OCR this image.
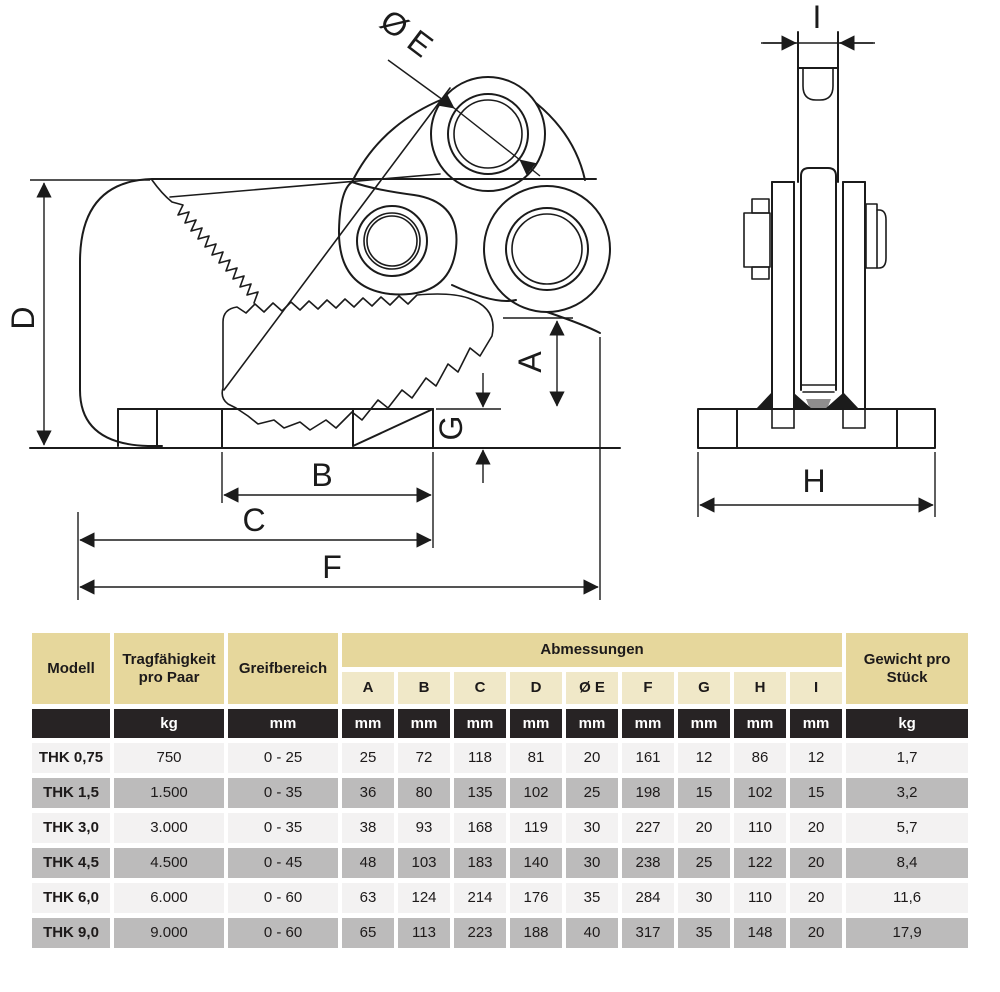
D
Ø E
A
G
B
C
F
I
H
Modell	Tragfähigkeit pro Paar	Greifbereich	Abmessungen									Gewicht pro Stück
			A	B	C	D	Ø E	F	G	H	I	
	kg	mm	mm	mm	mm	mm	mm	mm	mm	mm	mm	kg
THK 0,75	750	0 - 25	25	72	118	81	20	161	12	86	12	1,7
THK 1,5	1.500	0 - 35	36	80	135	102	25	198	15	102	15	3,2
THK 3,0	3.000	0 - 35	38	93	168	119	30	227	20	110	20	5,7
THK 4,5	4.500	0 - 45	48	103	183	140	30	238	25	122	20	8,4
THK 6,0	6.000	0 - 60	63	124	214	176	35	284	30	110	20	11,6
THK 9,0	9.000	0 - 60	65	113	223	188	40	317	35	148	20	17,9
